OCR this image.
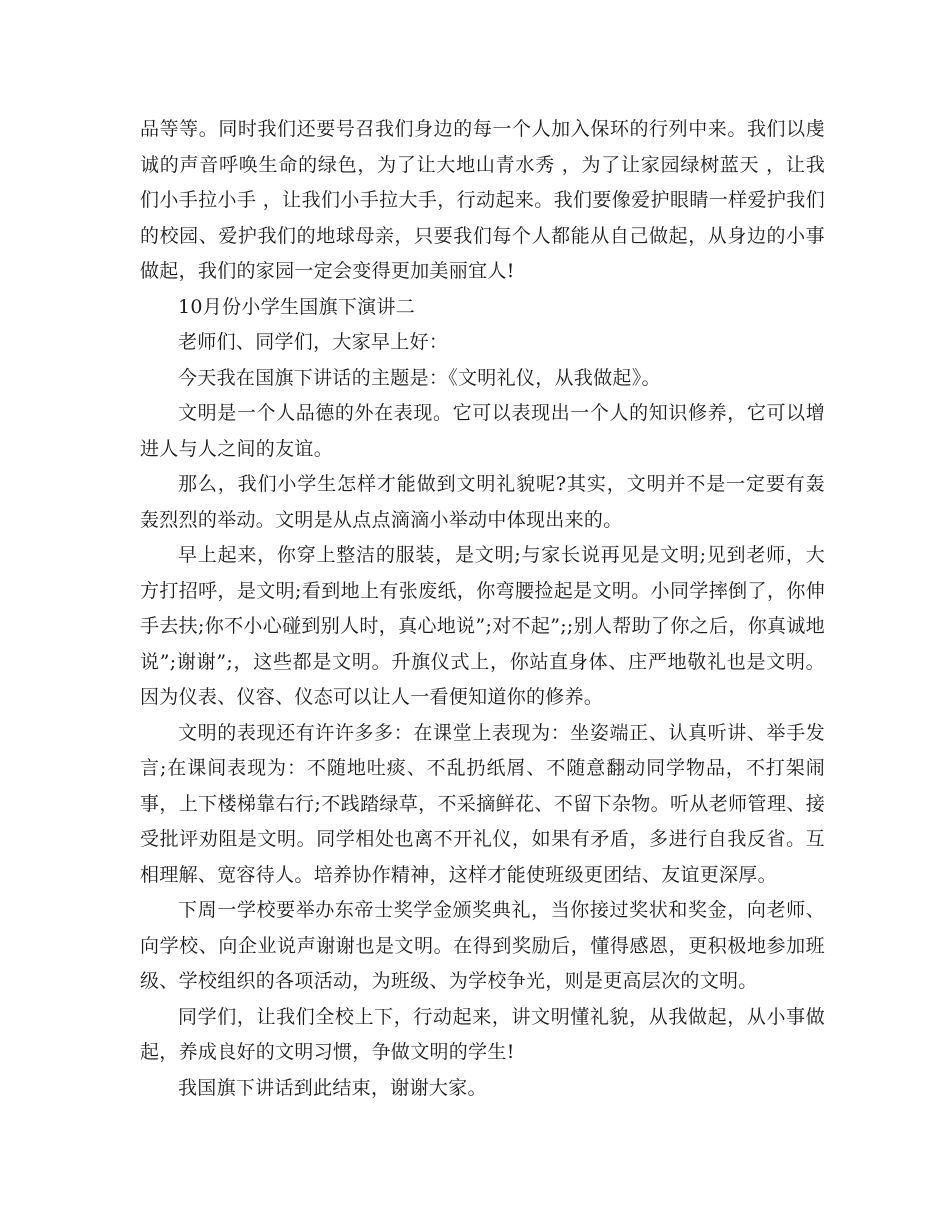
品等等。同时我们还要号召我们身边的每一个人加入保环的行列中来。我们以虔诚的声音呼唤生命的绿色，为了让大地山青水秀 ，为了让家园绿树蓝天 ，让我们小手拉小手 ，让我们小手拉大手，行动起来。我们要像爱护眼睛一样爱护我们的校园、爱护我们的地球母亲，只要我们每个人都能从自己做起，从身边的小事做起，我们的家园一定会变得更加美丽宜人!

10月份小学生国旗下演讲二

老师们、同学们，大家早上好：

今天我在国旗下讲话的主题是：《文明礼仪，从我做起》。

文明是一个人品德的外在表现。它可以表现出一个人的知识修养，它可以增进人与人之间的友谊。

那么，我们小学生怎样才能做到文明礼貌呢?其实，文明并不是一定要有轰轰烈烈的举动。文明是从点点滴滴小举动中体现出来的。

早上起来，你穿上整洁的服装，是文明;与家长说再见是文明;见到老师，大方打招呼，是文明;看到地上有张废纸，你弯腰捡起是文明。小同学摔倒了，你伸手去扶;你不小心碰到别人时，真心地说”;对不起”;;别人帮助了你之后，你真诚地说”;谢谢”;，这些都是文明。升旗仪式上，你站直身体、庄严地敬礼也是文明。因为仪表、仪容、仪态可以让人一看便知道你的修养。

文明的表现还有许许多多：在课堂上表现为：坐姿端正、认真听讲、举手发言;在课间表现为：不随地吐痰、不乱扔纸屑、不随意翻动同学物品，不打架闹事，上下楼梯靠右行;不践踏绿草，不采摘鲜花、不留下杂物。听从老师管理、接受批评劝阻是文明。同学相处也离不开礼仪，如果有矛盾，多进行自我反省。互相理解、宽容待人。培养协作精神，这样才能使班级更团结、友谊更深厚。

下周一学校要举办东帝士奖学金颁奖典礼，当你接过奖状和奖金，向老师、向学校、向企业说声谢谢也是文明。在得到奖励后，懂得感恩，更积极地参加班级、学校组织的各项活动，为班级、为学校争光，则是更高层次的文明。

同学们，让我们全校上下，行动起来，讲文明懂礼貌，从我做起，从小事做起，养成良好的文明习惯，争做文明的学生!

我国旗下讲话到此结束，谢谢大家。
